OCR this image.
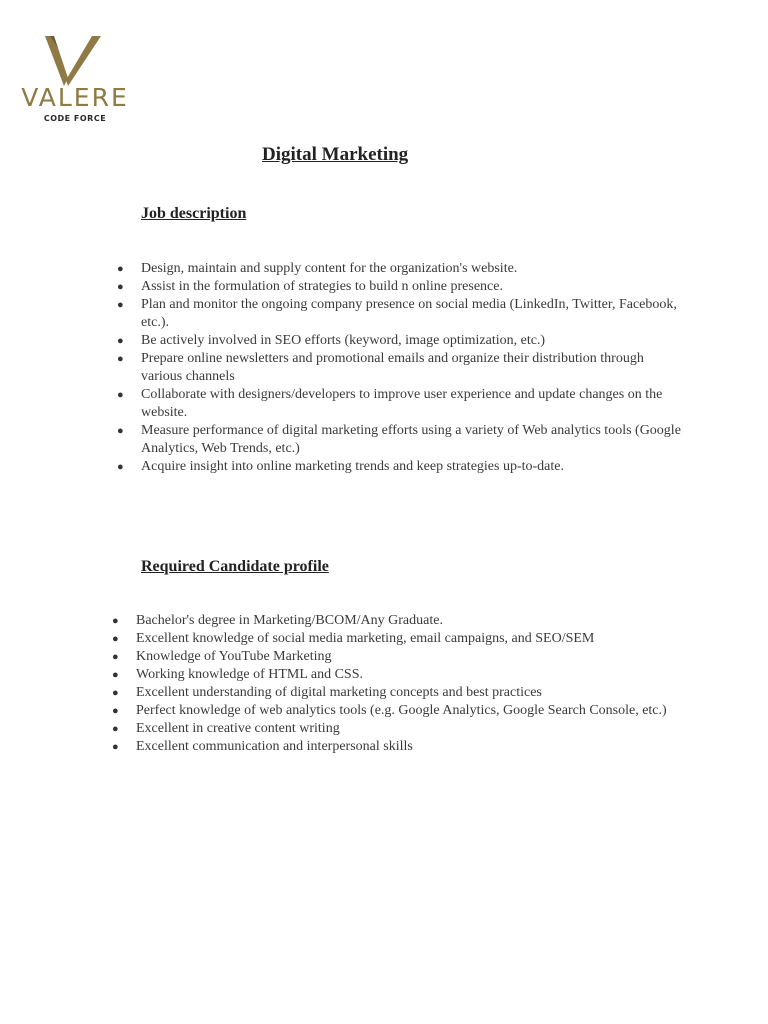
VALERE
CODE FORCE
Digital Marketing
Job description
● Design, maintain and supply content for the organization's website.
● Assist in the formulation of strategies to build n online presence.
● Plan and monitor the ongoing company presence on social media (LinkedIn, Twitter, Facebook, etc.).
● Be actively involved in SEO efforts (keyword, image optimization, etc.)
● Prepare online newsletters and promotional emails and organize their distribution through various channels
● Collaborate with designers/developers to improve user experience and update changes on the website.
● Measure performance of digital marketing efforts using a variety of Web analytics tools (Google Analytics, Web Trends, etc.)
● Acquire insight into online marketing trends and keep strategies up-to-date.
Required Candidate profile
● Bachelor's degree in Marketing/BCOM/Any Graduate.
● Excellent knowledge of social media marketing, email campaigns, and SEO/SEM
● Knowledge of YouTube Marketing
● Working knowledge of HTML and CSS.
● Excellent understanding of digital marketing concepts and best practices
● Perfect knowledge of web analytics tools (e.g. Google Analytics, Google Search Console, etc.)
● Excellent in creative content writing
● Excellent communication and interpersonal skills
